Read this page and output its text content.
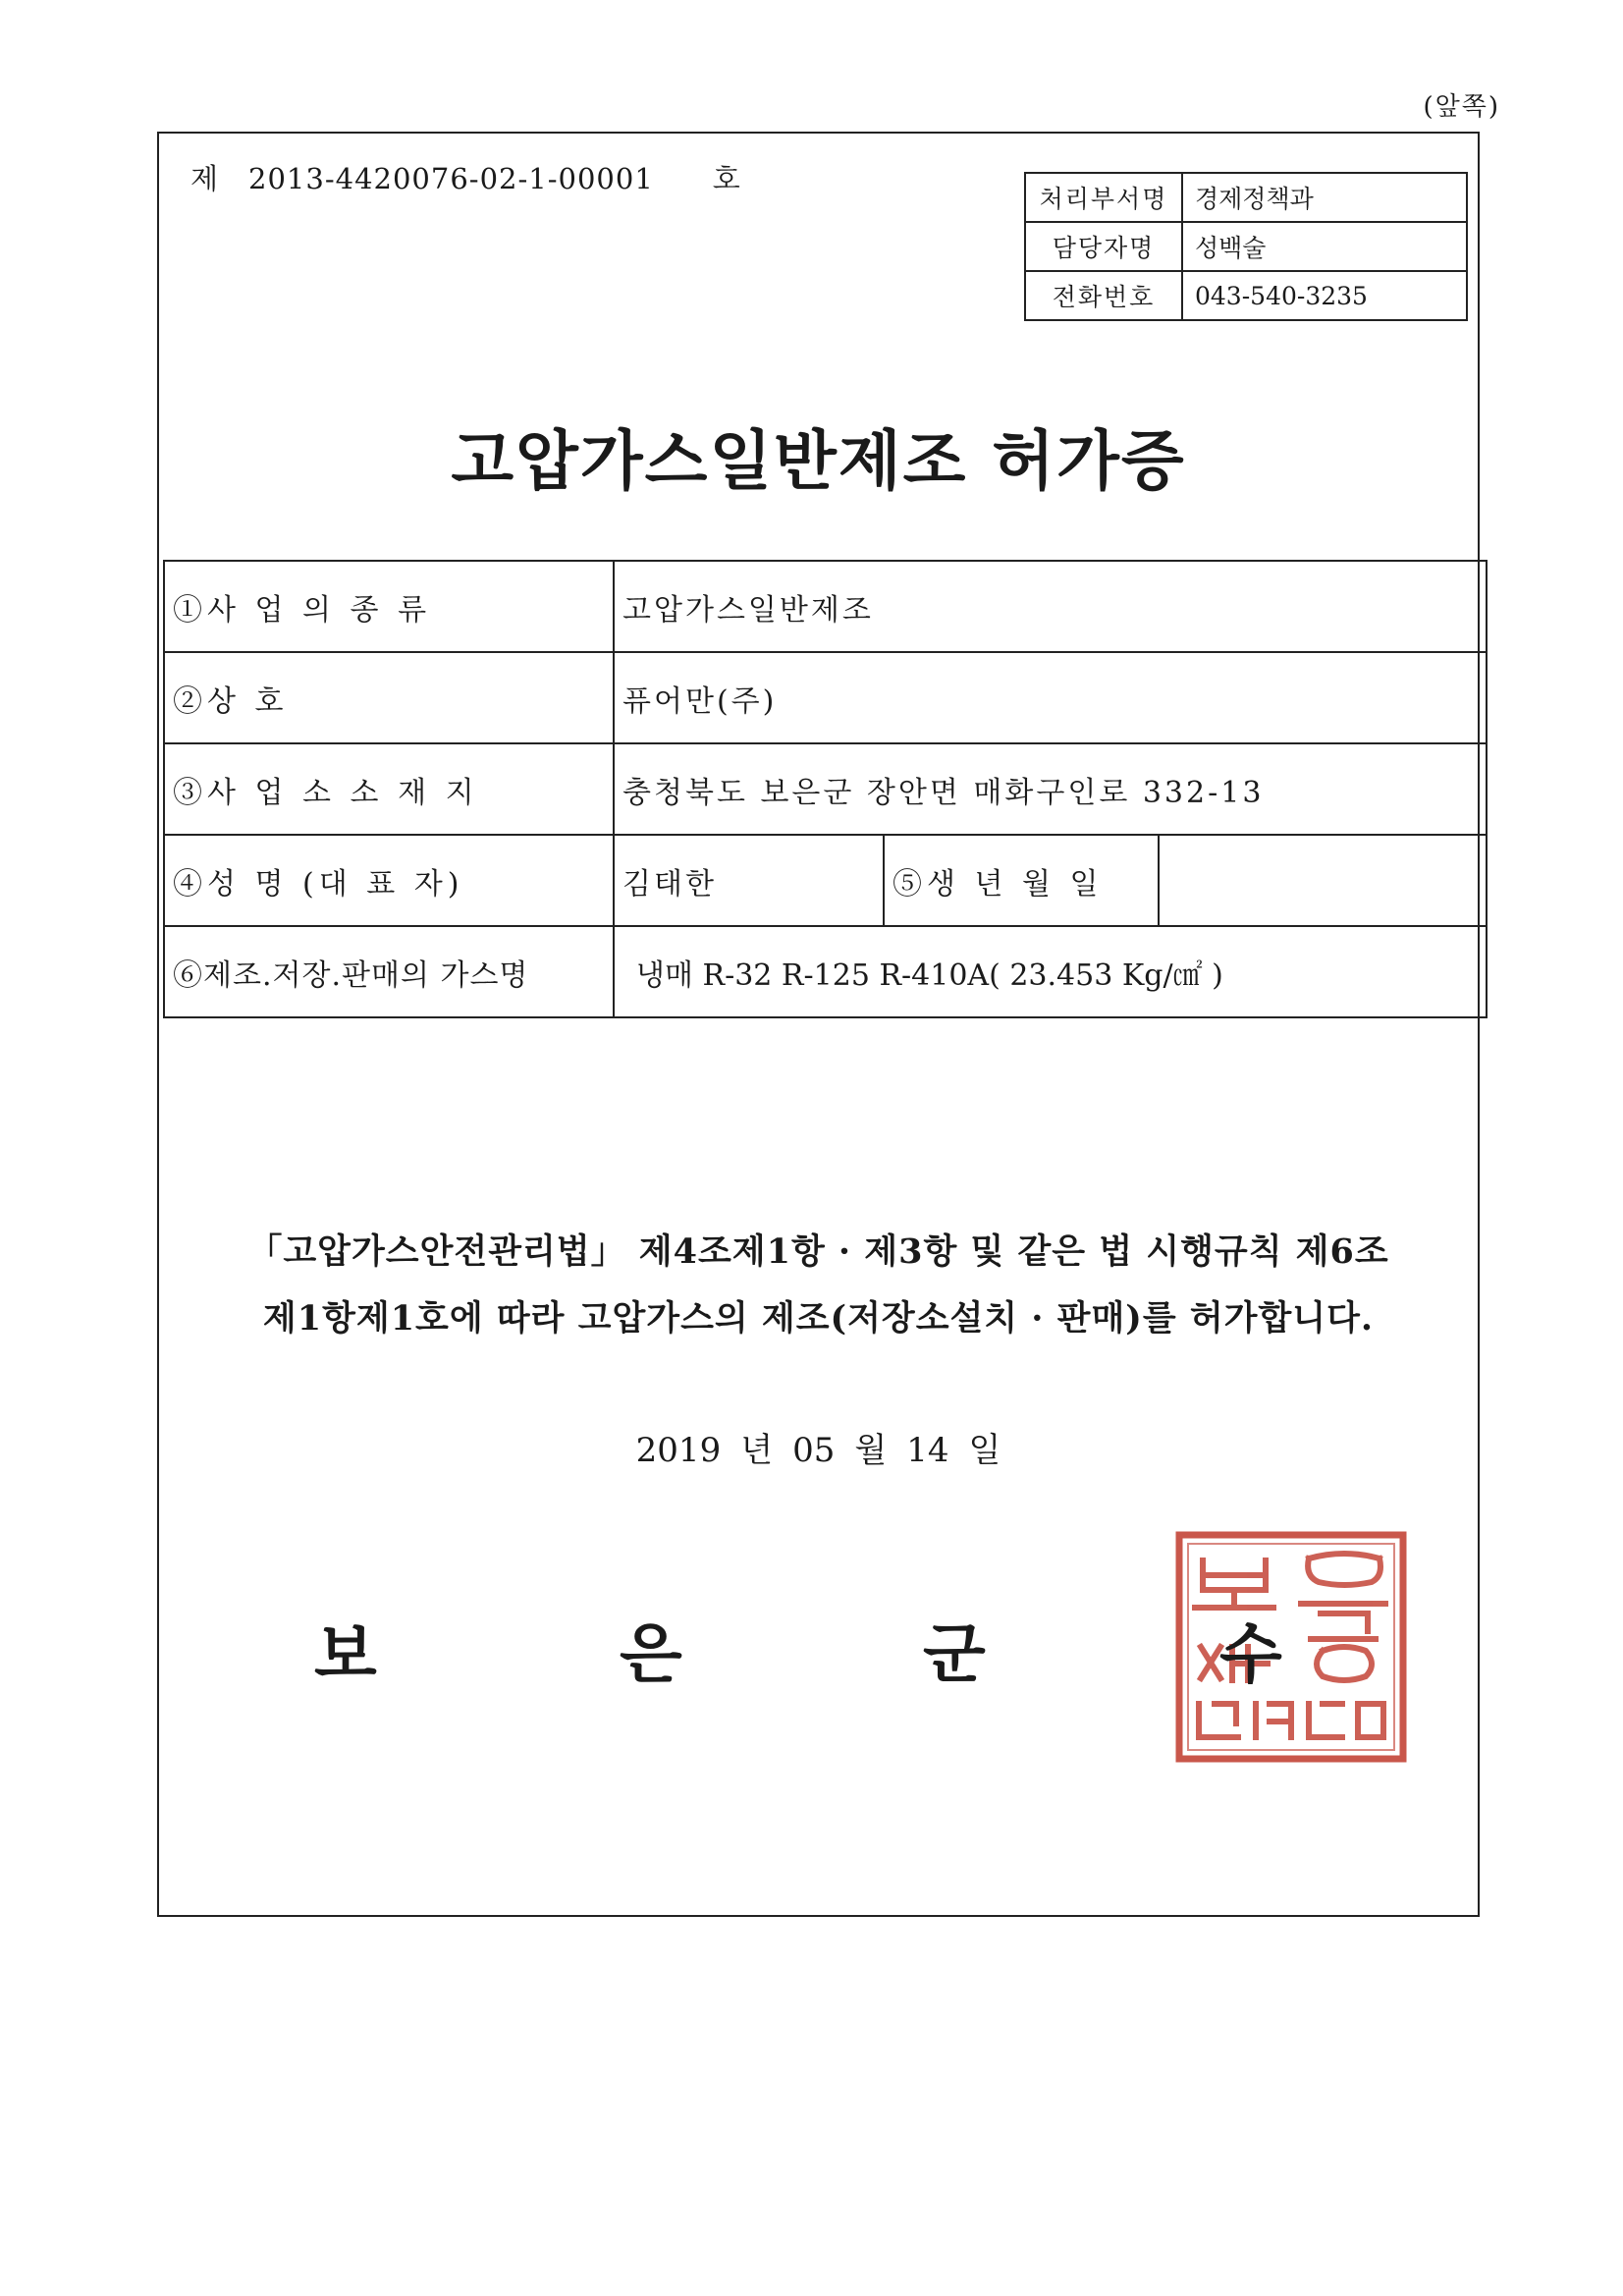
(앞쪽)
제 2013-4420076-02-1-00001 호
처리부서명	경제정책과
담당자명	성백술
전화번호	043-540-3235
고압가스일반제조 허가증
①사 업 의 종 류	고압가스일반제조		
②상 호	퓨어만(주)		
③사 업 소 소 재 지	충청북도 보은군 장안면 매화구인로 332-13		
④성 명 (대 표 자)	김태한	⑤생 년 월 일	
⑥제조.저장.판매의 가스명	냉매 R-32 R-125 R-410A( 23.453 Kg/㎠ )		
「고압가스안전관리법」 제4조제1항 · 제3항 및 같은 법 시행규칙 제6조
제1항제1호에 따라 고압가스의 제조(저장소설치 · 판매)를 허가합니다.
2019 년 05 월 14 일
보	은	군	수
